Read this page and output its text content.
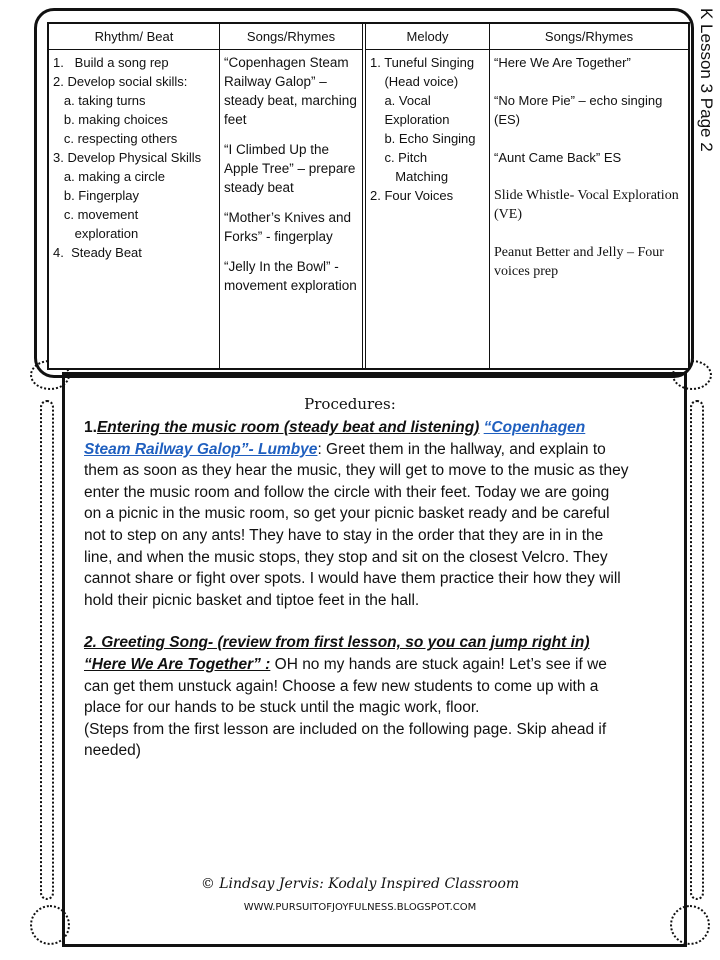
Rhythm/ Beat
1.   Build a song rep
2. Develop social skills:
a. taking turns
b. making choices
c. respecting others
3. Develop Physical Skills
a. making a circle
b. Fingerplay
c. movement
exploration
4.  Steady Beat
Songs/Rhymes
“Copenhagen Steam Railway Galop” – steady beat, marching feet
“I Climbed Up the Apple Tree” – prepare steady beat
“Mother’s Knives and Forks” - fingerplay
“Jelly In the Bowl” - movement exploration
Melody
1. Tuneful Singing
(Head voice)
a. Vocal
Exploration
b. Echo Singing
c. Pitch
Matching
2. Four Voices
Songs/Rhymes
“Here We Are Together”
“No More Pie” – echo singing (ES)
“Aunt Came Back” ES
Slide Whistle- Vocal Exploration (VE)
Peanut Better and Jelly – Four voices prep
K Lesson 3 Page 2
Procedures:

1.Entering the music room (steady beat and listening) “Copenhagen Steam Railway Galop”- Lumbye: Greet them in the hallway, and explain to them as soon as they hear the music, they will get to move to the music as they enter the music room and follow the circle with their feet. Today we are going on a picnic in the music room, so get your picnic basket ready and be careful not to step on any ants! They have to stay in the order that they are in in the line, and when the music stops, they stop and sit on the closest Velcro. They cannot share or fight over spots. I would have them practice their how they will hold their picnic basket and tiptoe feet in the hall.

2. Greeting Song- (review from first lesson, so you can jump right in)
“Here We Are Together” : OH no my hands are stuck again! Let’s see if we can get them unstuck again! Choose a few new students to come up with a place for our hands to be stuck until the magic work, floor.
(Steps from the first lesson are included on the following page. Skip ahead if needed)

© Lindsay Jervis: Kodaly Inspired Classroom
WWW.PURSUITOFJOYFULNESS.BLOGSPOT.COM
